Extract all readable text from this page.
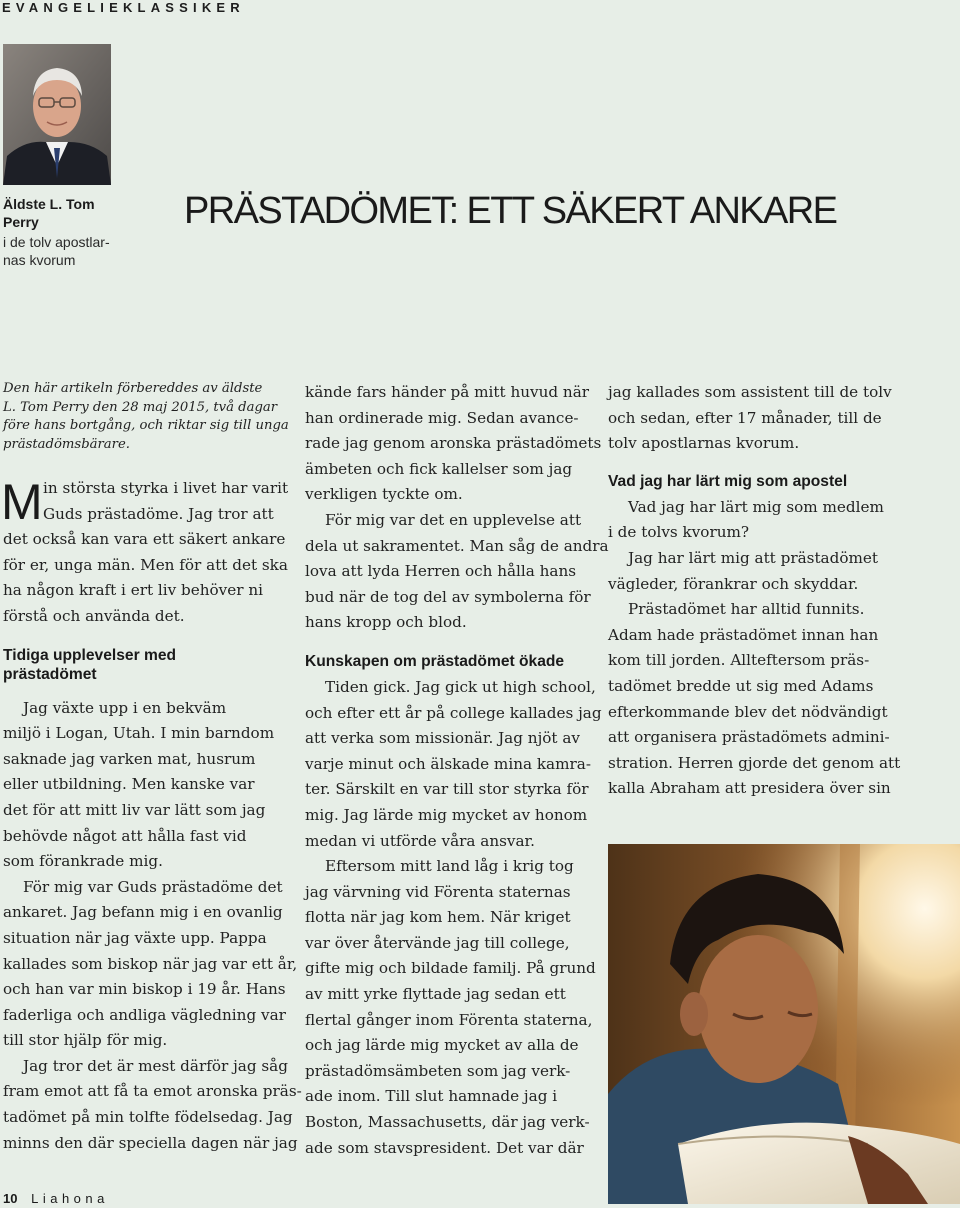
EVANGELIEKLASSIKER
Äldste L. Tom
Perry
i de tolv apostlar-
nas kvorum
PRÄSTADÖMET: ETT SÄKERT ANKARE
Den här artikeln förbereddes av äldste
L. Tom Perry den 28 maj 2015, två dagar
före hans bortgång, och riktar sig till unga
prästadömsbärare.
M in största styrka i livet har varit
Guds prästadöme. Jag tror att
det också kan vara ett säkert ankare
för er, unga män. Men för att det ska
ha någon kraft i ert liv behöver ni
förstå och använda det.
Tidiga upplevelser med
prästadömet
Jag växte upp i en bekväm
miljö i Logan, Utah. I min barndom
saknade jag varken mat, husrum
eller utbildning. Men kanske var
det för att mitt liv var lätt som jag
behövde något att hålla fast vid
som förankrade mig.
För mig var Guds prästadöme det
ankaret. Jag befann mig i en ovanlig
situation när jag växte upp. Pappa
kallades som biskop när jag var ett år,
och han var min biskop i 19 år. Hans
faderliga och andliga vägledning var
till stor hjälp för mig.
Jag tror det är mest därför jag såg
fram emot att få ta emot aronska präs-
tadömet på min tolfte födelsedag. Jag
minns den där speciella dagen när jag
kände fars händer på mitt huvud när
han ordinerade mig. Sedan avance-
rade jag genom aronska prästadömets
ämbeten och fick kallelser som jag
verkligen tyckte om.
För mig var det en upplevelse att
dela ut sakramentet. Man såg de andra
lova att lyda Herren och hålla hans
bud när de tog del av symbolerna för
hans kropp och blod.
Kunskapen om prästadömet ökade
Tiden gick. Jag gick ut high school,
och efter ett år på college kallades jag
att verka som missionär. Jag njöt av
varje minut och älskade mina kamra-
ter. Särskilt en var till stor styrka för
mig. Jag lärde mig mycket av honom
medan vi utförde våra ansvar.
Eftersom mitt land låg i krig tog
jag värvning vid Förenta staternas
flotta när jag kom hem. När kriget
var över återvände jag till college,
gifte mig och bildade familj. På grund
av mitt yrke flyttade jag sedan ett
flertal gånger inom Förenta staterna,
och jag lärde mig mycket av alla de
prästadömsämbeten som jag verk-
ade inom. Till slut hamnade jag i
Boston, Massachusetts, där jag verk-
ade som stavspresident. Det var där
jag kallades som assistent till de tolv
och sedan, efter 17 månader, till de
tolv apostlarnas kvorum.
Vad jag har lärt mig som apostel
Vad jag har lärt mig som medlem
i de tolvs kvorum?
Jag har lärt mig att prästadömet
vägleder, förankrar och skyddar.
Prästadömet har alltid funnits.
Adam hade prästadömet innan han
kom till jorden. Allteftersom präs-
tadömet bredde ut sig med Adams
efterkommande blev det nödvändigt
att organisera prästadömets admini-
stration. Herren gjorde det genom att
kalla Abraham att presidera över sin
10 Liahona
